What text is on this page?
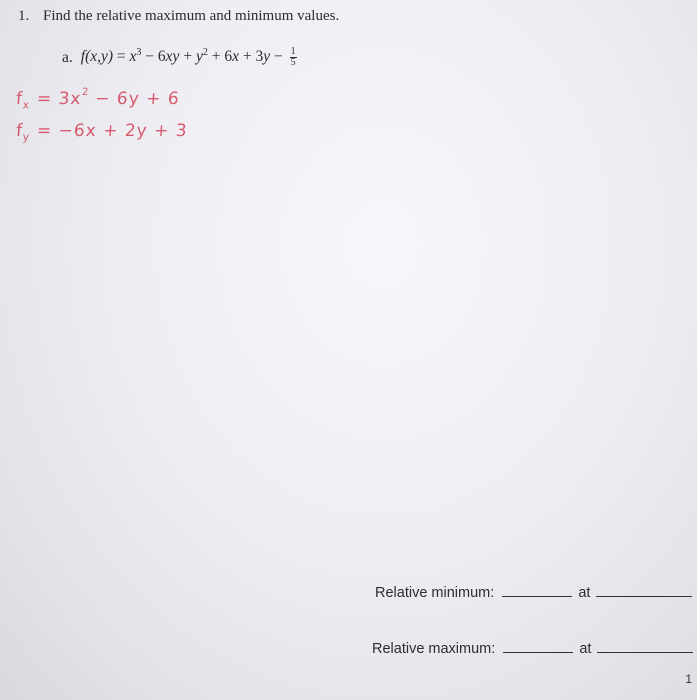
1. Find the relative maximum and minimum values.
a. $f(x,y) = x^3 - 6xy + y^2 + 6x + 3y - \frac{1}{5}$
$f_x = 3x^2 - 6y + 6$
$f_y = -6x + 2y + 3$
Relative minimum:	at
Relative maximum:	at
1
